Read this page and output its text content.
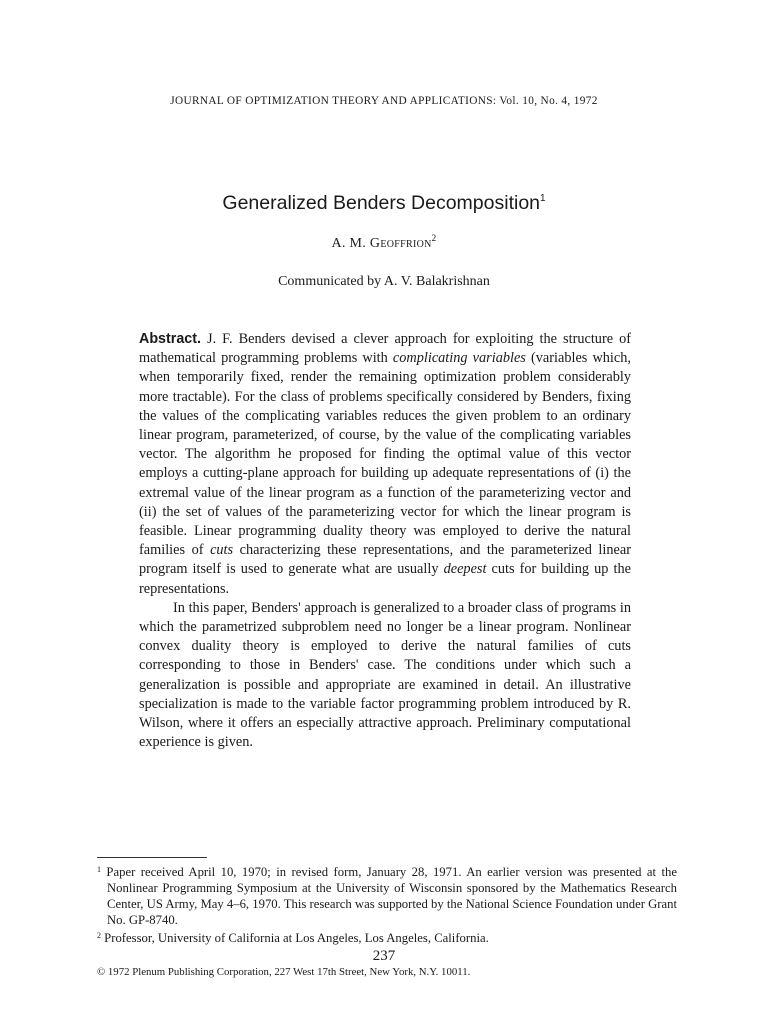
JOURNAL OF OPTIMIZATION THEORY AND APPLICATIONS: Vol. 10, No. 4, 1972
Generalized Benders Decomposition$^1$
A. M. Geoffrion$^2$
Communicated by A. V. Balakrishnan

Abstract. J. F. Benders devised a clever approach for exploiting the structure of mathematical programming problems with complicating variables (variables which, when temporarily fixed, render the remaining optimization problem considerably more tractable). For the class of problems specifically considered by Benders, fixing the values of the complicating variables reduces the given problem to an ordinary linear program, parameterized, of course, by the value of the complicating variables vector. The algorithm he proposed for finding the optimal value of this vector employs a cutting-plane approach for building up adequate representations of (i) the extremal value of the linear program as a function of the parameterizing vector and (ii) the set of values of the parameterizing vector for which the linear program is feasible. Linear programming duality theory was employed to derive the natural families of cuts characterizing these representations, and the parameterized linear program itself is used to generate what are usually deepest cuts for building up the representations.

In this paper, Benders' approach is generalized to a broader class of programs in which the parametrized subproblem need no longer be a linear program. Nonlinear convex duality theory is employed to derive the natural families of cuts corresponding to those in Benders' case. The conditions under which such a generalization is possible and appropriate are examined in detail. An illustrative specialization is made to the variable factor programming problem introduced by R. Wilson, where it offers an especially attractive approach. Preliminary computational experience is given.

$^1$ Paper received April 10, 1970; in revised form, January 28, 1971. An earlier version was presented at the Nonlinear Programming Symposium at the University of Wisconsin sponsored by the Mathematics Research Center, US Army, May 4–6, 1970. This research was supported by the National Science Foundation under Grant No. GP-8740.

$^2$ Professor, University of California at Los Angeles, Los Angeles, California.

237
© 1972 Plenum Publishing Corporation, 227 West 17th Street, New York, N.Y. 10011.
